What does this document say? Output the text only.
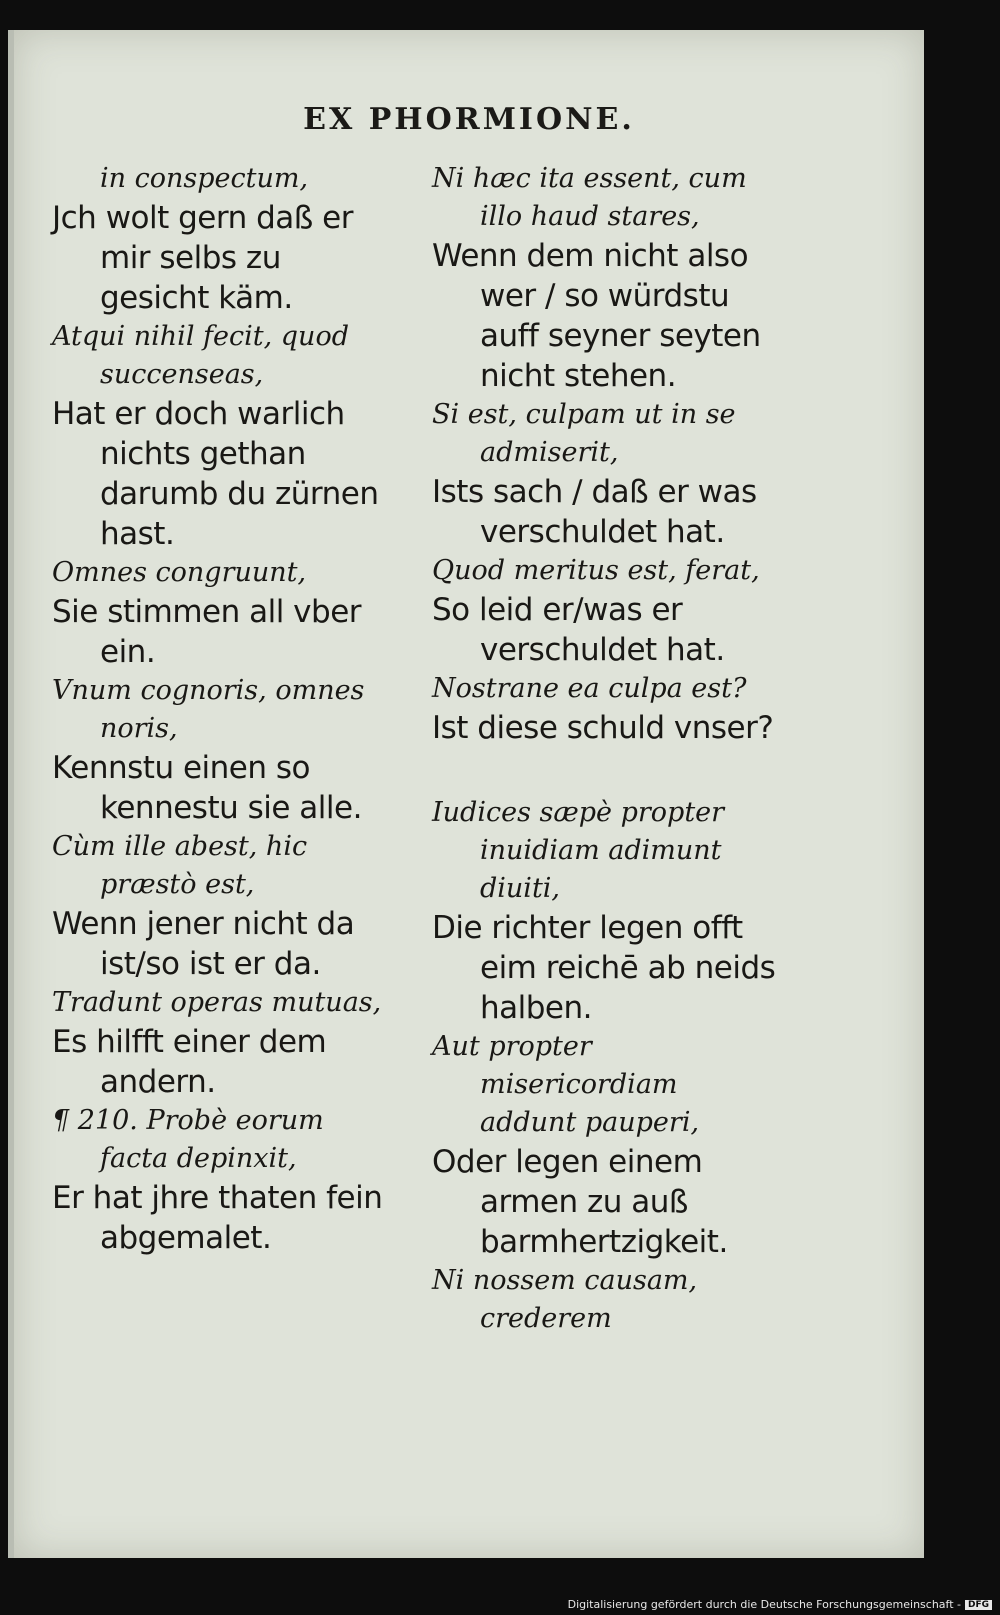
EX PHORMIONE.

in conspectum,

Jch wolt gern daß er mir selbs zu gesicht käm.

Atqui nihil fecit, quod succenseas,

Hat er doch warlich nichts gethan darumb du zürnen hast.

Omnes congruunt,

Sie stimmen all vber ein.

Vnum cognoris, omnes noris,

Kennstu einen so kennestu sie alle.

Cùm ille abest, hic præstò est,

Wenn jener nicht da ist/so ist er da.

Tradunt operas mutuas,

Es hilfft einer dem andern.

¶ 210. Probè eorum facta depinxit,

Er hat jhre thaten fein abgemalet.

Ni hæc ita essent, cum illo haud stares,

Wenn dem nicht also wer / so würdstu auff seyner seyten nicht stehen.

Si est, culpam ut in se admiserit,

Ists sach / daß er was verschuldet hat.

Quod meritus est, ferat,

So leid er/was er verschuldet hat.

Nostrane ea culpa est?

Ist diese schuld vnser?

Iudices sæpè propter inuidiam adimunt diuiti,

Die richter legen offt eim reichē ab neids halben.

Aut propter misericordiam addunt pauperi,

Oder legen einem armen zu auß barmhertzigkeit.

Ni nossem causam, crederem

Digitalisierung gefördert durch die Deutsche Forschungsgemeinschaft - DFG
